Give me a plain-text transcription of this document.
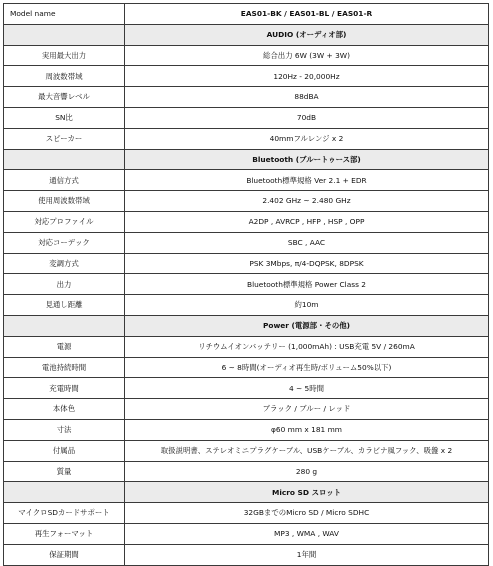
Model name	EAS01-BK / EAS01-BL / EAS01-R
	AUDIO (オーディオ部)
実用最大出力	総合出力 6W (3W + 3W)
周波数帯域	120Hz - 20,000Hz
最大音響レベル	88dBA
SN比	70dB
スピーカー	40mmフルレンジ x 2
	Bluetooth (ブルートゥース部)
通信方式	Bluetooth標準規格 Ver 2.1 + EDR
使用周波数帯域	2.402 GHz ~ 2.480 GHz
対応プロファイル	A2DP , AVRCP , HFP , HSP , OPP
対応コーデック	SBC , AAC
変調方式	PSK 3Mbps, π/4-DQPSK, 8DPSK
出力	Bluetooth標準規格 Power Class 2
見通し距離	約10m
	Power (電源部・その他)
電源	リチウムイオンバッテリー (1,000mAh) : USB充電 5V / 260mA
電池持続時間	6 ~ 8時間(オーディオ再生時/ボリューム50%以下)
充電時間	4 ~ 5時間
本体色	ブラック / ブルー / レッド
寸法	φ60 mm x 181 mm
付属品	取扱説明書、ステレオミニプラグケーブル、USBケーブル、カラビナ風フック、吸盤 x 2
質量	280 g
	Micro SD スロット
マイクロSDカードサポート	32GBまでのMicro SD / Micro SDHC
再生フォーマット	MP3 , WMA , WAV
保証期間	1年間
